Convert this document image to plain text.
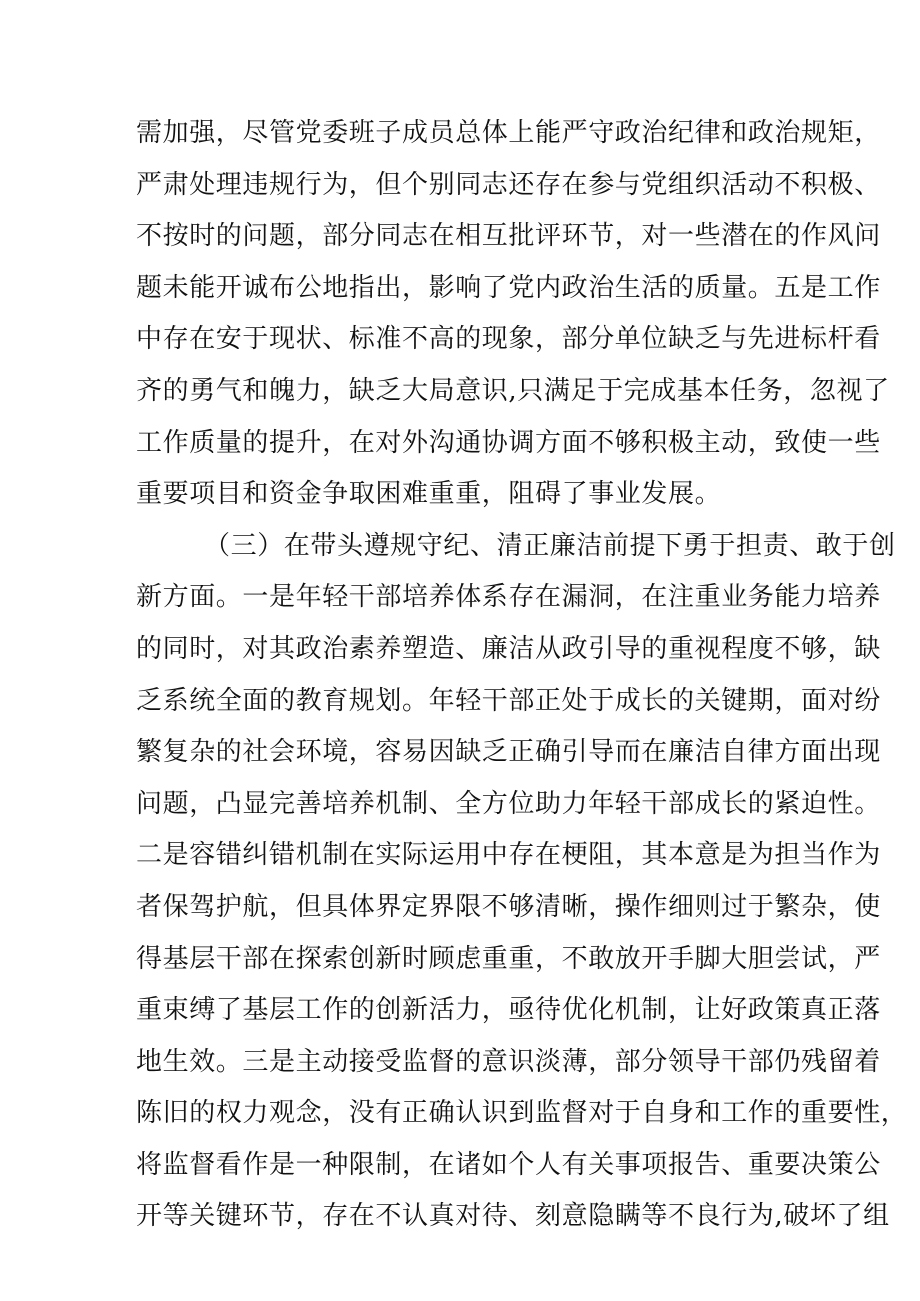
需加强，尽管党委班子成员总体上能严守政治纪律和政治规矩，
严肃处理违规行为，但个别同志还存在参与党组织活动不积极、
不按时的问题，部分同志在相互批评环节，对一些潜在的作风问
题未能开诚布公地指出，影响了党内政治生活的质量。五是工作
中存在安于现状、标准不高的现象，部分单位缺乏与先进标杆看
齐的勇气和魄力，缺乏大局意识,只满足于完成基本任务，忽视了
工作质量的提升，在对外沟通协调方面不够积极主动，致使一些
重要项目和资金争取困难重重，阻碍了事业发展。
（三）在带头遵规守纪、清正廉洁前提下勇于担责、敢于创
新方面。一是年轻干部培养体系存在漏洞，在注重业务能力培养
的同时，对其政治素养塑造、廉洁从政引导的重视程度不够，缺
乏系统全面的教育规划。年轻干部正处于成长的关键期，面对纷
繁复杂的社会环境，容易因缺乏正确引导而在廉洁自律方面出现
问题，凸显完善培养机制、全方位助力年轻干部成长的紧迫性。
二是容错纠错机制在实际运用中存在梗阻，其本意是为担当作为
者保驾护航，但具体界定界限不够清晰，操作细则过于繁杂，使
得基层干部在探索创新时顾虑重重，不敢放开手脚大胆尝试，严
重束缚了基层工作的创新活力，亟待优化机制，让好政策真正落
地生效。三是主动接受监督的意识淡薄，部分领导干部仍残留着
陈旧的权力观念，没有正确认识到监督对于自身和工作的重要性，
将监督看作是一种限制，在诸如个人有关事项报告、重要决策公
开等关键环节，存在不认真对待、刻意隐瞒等不良行为,破坏了组
